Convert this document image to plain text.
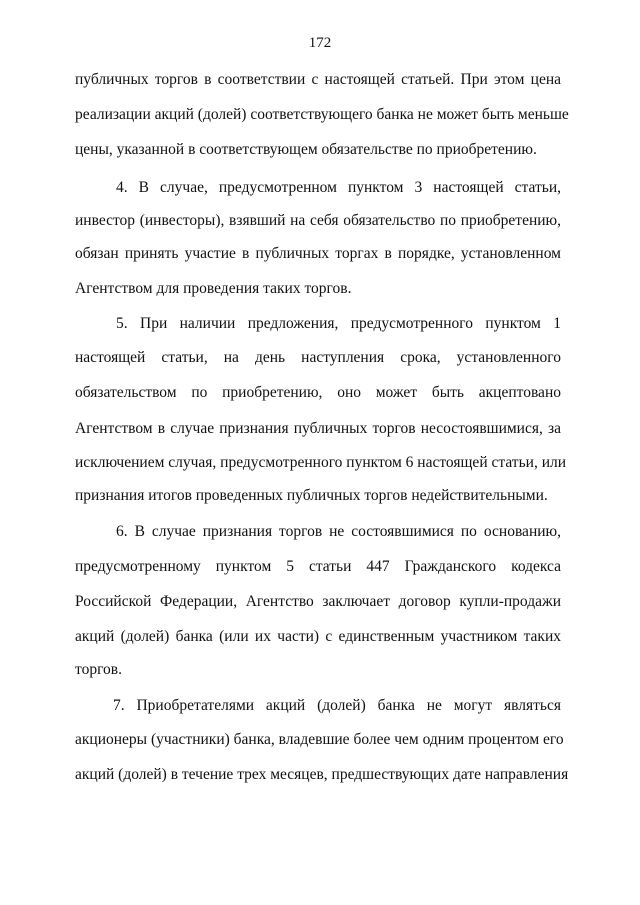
172
публичных торгов в соответствии с настоящей статьей. При этом цена
реализации акций (долей) соответствующего банка не может быть меньше
цены, указанной в соответствующем обязательстве по приобретению.
4. В случае, предусмотренном пунктом 3 настоящей статьи,
инвестор (инвесторы), взявший на себя обязательство по приобретению,
обязан принять участие в публичных торгах в порядке, установленном
Агентством для проведения таких торгов.
5. При наличии предложения, предусмотренного пунктом 1
настоящей статьи, на день наступления срока, установленного
обязательством по приобретению, оно может быть акцептовано
Агентством в случае признания публичных торгов несостоявшимися, за
исключением случая, предусмотренного пунктом 6 настоящей статьи, или
признания итогов проведенных публичных торгов недействительными.
6. В случае признания торгов не состоявшимися по основанию,
предусмотренному пунктом 5 статьи 447 Гражданского кодекса
Российской Федерации, Агентство заключает договор купли-продажи
акций (долей) банка (или их части) с единственным участником таких
торгов.
7. Приобретателями акций (долей) банка не могут являться
акционеры (участники) банка, владевшие более чем одним процентом его
акций (долей) в течение трех месяцев, предшествующих дате направления
